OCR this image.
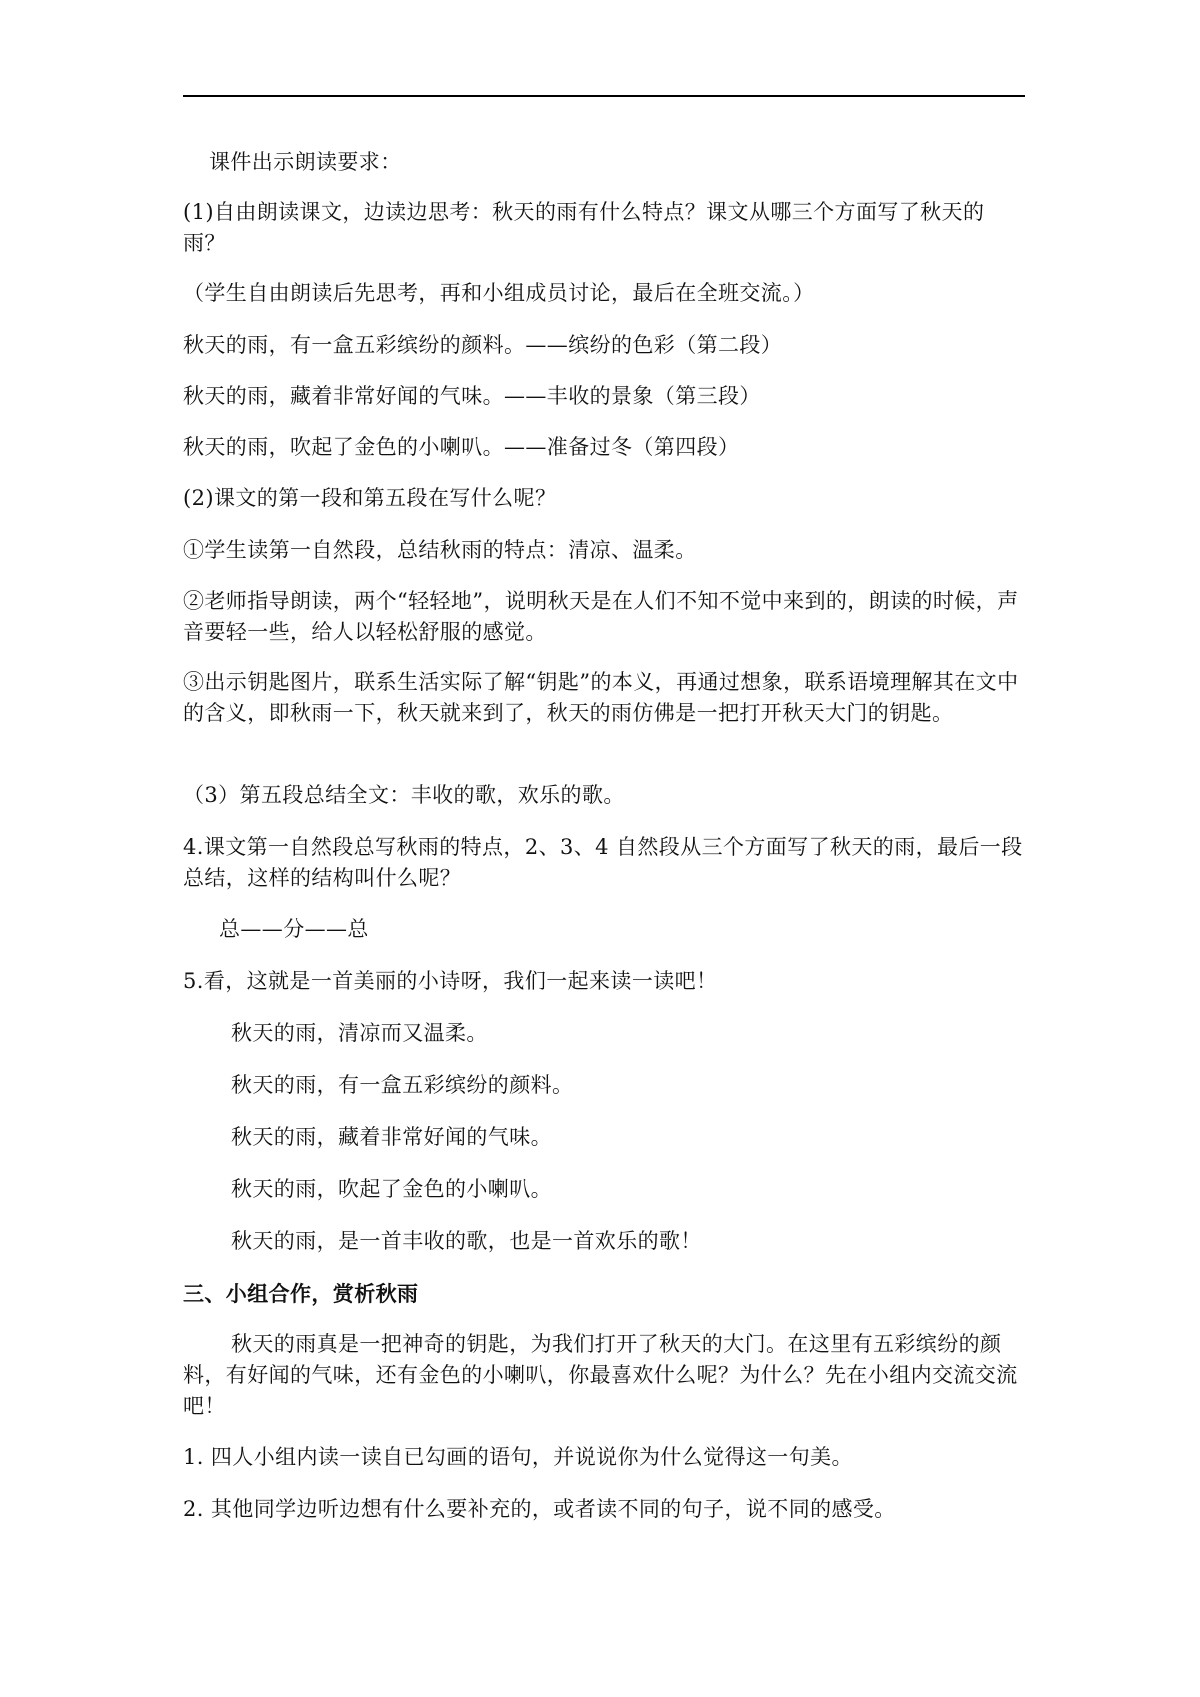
课件出示朗读要求：

(1)自由朗读课文，边读边思考：秋天的雨有什么特点？课文从哪三个方面写了秋天的雨？

（学生自由朗读后先思考，再和小组成员讨论，最后在全班交流。）

秋天的雨，有一盒五彩缤纷的颜料。——缤纷的色彩（第二段）

秋天的雨，藏着非常好闻的气味。——丰收的景象（第三段）

秋天的雨，吹起了金色的小喇叭。——准备过冬（第四段）

(2)课文的第一段和第五段在写什么呢？

①学生读第一自然段，总结秋雨的特点：清凉、温柔。

②老师指导朗读，两个“轻轻地”，说明秋天是在人们不知不觉中来到的，朗读的时候，声音要轻一些，给人以轻松舒服的感觉。

③出示钥匙图片，联系生活实际了解“钥匙”的本义，再通过想象，联系语境理解其在文中的含义，即秋雨一下，秋天就来到了，秋天的雨仿佛是一把打开秋天大门的钥匙。

（3）第五段总结全文：丰收的歌，欢乐的歌。

4.课文第一自然段总写秋雨的特点，2、3、4 自然段从三个方面写了秋天的雨，最后一段总结，这样的结构叫什么呢？

总——分——总

5.看，这就是一首美丽的小诗呀，我们一起来读一读吧！

秋天的雨，清凉而又温柔。

秋天的雨，有一盒五彩缤纷的颜料。

秋天的雨，藏着非常好闻的气味。

秋天的雨，吹起了金色的小喇叭。

秋天的雨，是一首丰收的歌，也是一首欢乐的歌！

三、小组合作，赏析秋雨

秋天的雨真是一把神奇的钥匙，为我们打开了秋天的大门。在这里有五彩缤纷的颜料，有好闻的气味，还有金色的小喇叭，你最喜欢什么呢？为什么？先在小组内交流交流吧！

1. 四人小组内读一读自已勾画的语句，并说说你为什么觉得这一句美。

2. 其他同学边听边想有什么要补充的，或者读不同的句子，说不同的感受。
